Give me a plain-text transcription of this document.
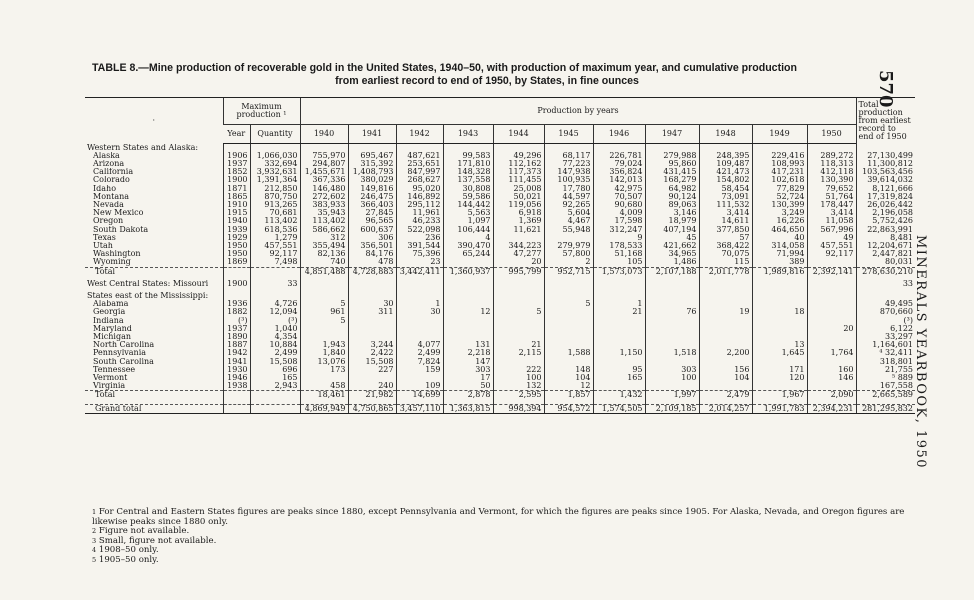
570
MINERALS YEARBOOK, 1950
TABLE 8.—Mine production of recoverable gold in the United States, 1940–50, with production of maximum year, and cumulative production
from earliest record to end of 1950, by States, in fine ounces
·	Maximum production ¹		Production by years											Total production from earliest record to end of 1950
	Year	Quantity	1940	1941	1942	1943	1944	1945	1946	1947	1948	1949	1950	
Western States and Alaska:														
Alaska	1906	1,066,030	755,970	695,467	487,621	99,583	49,296	68,117	226,781	279,988	248,395	229,416	289,272	27,130,499
Arizona	1937	332,694	294,807	315,392	253,651	171,810	112,162	77,223	79,024	95,860	109,487	108,993	118,313	11,300,812
California	1852	3,932,631	1,455,671	1,408,793	847,997	148,328	117,373	147,938	356,824	431,415	421,473	417,231	412,118	103,563,456
Colorado	1900	1,391,364	367,336	380,029	268,627	137,558	111,455	100,935	142,013	168,279	154,802	102,618	130,390	39,614,032
Idaho	1871	212,850	146,480	149,816	95,020	30,808	25,008	17,780	42,975	64,982	58,454	77,829	79,652	8,121,666
Montana	1865	870,750	272,602	246,475	146,892	59,586	50,021	44,597	70,507	90,124	73,091	52,724	51,764	17,319,824
Nevada	1910	913,265	383,933	366,403	295,112	144,442	119,056	92,265	90,680	89,063	111,532	130,399	178,447	26,026,442
New Mexico	1915	70,681	35,943	27,845	11,961	5,563	6,918	5,604	4,009	3,146	3,414	3,249	3,414	2,196,058
Oregon	1940	113,402	113,402	96,565	46,233	1,097	1,369	4,467	17,598	18,979	14,611	16,226	11,058	5,752,426
South Dakota	1939	618,536	586,662	600,637	522,098	106,444	11,621	55,948	312,247	407,194	377,850	464,650	567,996	22,863,991
Texas	1929	1,279	312	306	236	4			9	45	57	40	49	8,481
Utah	1950	457,551	355,494	356,501	391,544	390,470	344,223	279,979	178,533	421,662	368,422	314,058	457,551	12,204,671
Washington	1950	92,117	82,136	84,176	75,396	65,244	47,277	57,800	51,168	34,965	70,075	71,994	92,117	2,447,821
Wyoming	1869	7,498	740	478	23		20	2	105	1,486	115	389		80,031
Total			4,851,488	4,728,883	3,442,411	1,360,937	995,799	952,715	1,573,073	2,107,188	2,011,778	1,989,816	2,392,141	278,630,210

West Central States: Missouri	1900	33												33

States east of the Mississippi:														
Alabama	1936	4,726	5	30	1			5	1					49,495
Georgia	1882	12,094	961	311	30	12	5		21	76	19	18		870,660
Indiana	(³)	(³)	5											(³)
Maryland	1937	1,040											20	6,122
Michigan	1890	4,354												33,297
North Carolina	1887	10,884	1,943	3,244	4,077	131	21					13		1,164,601
Pennsylvania	1942	2,499	1,840	2,422	2,499	2,218	2,115	1,588	1,150	1,518	2,200	1,645	1,764	⁴ 32,411
South Carolina	1941	15,508	13,076	15,508	7,824	147								318,801
Tennessee	1930	696	173	227	159	303	222	148	95	303	156	171	160	21,755
Vermont	1946	165				17	100	104	165	100	104	120	146	⁵ 889
Virginia	1938	2,943	458	240	109	50	132	12						167,558
Total			18,461	21,982	14,699	2,878	2,595	1,857	1,432	1,997	2,479	1,967	2,090	2,665,589

Grand total			4,869,949	4,750,865	3,457,110	1,363,815	998,394	954,572	1,574,505	2,109,185	2,014,257	1,991,783	2,394,231	281,295,832
$^1$ For Central and Eastern States figures are peaks since 1880, except Pennsylvania and Vermont, for which the figures are peaks since 1905. For Alaska, Nevada, and Oregon figures are likewise peaks since 1880 only.
$^2$ Figure not available.
$^3$ Small, figure not available.
$^4$ 1908–50 only.
$^5$ 1905–50 only.
